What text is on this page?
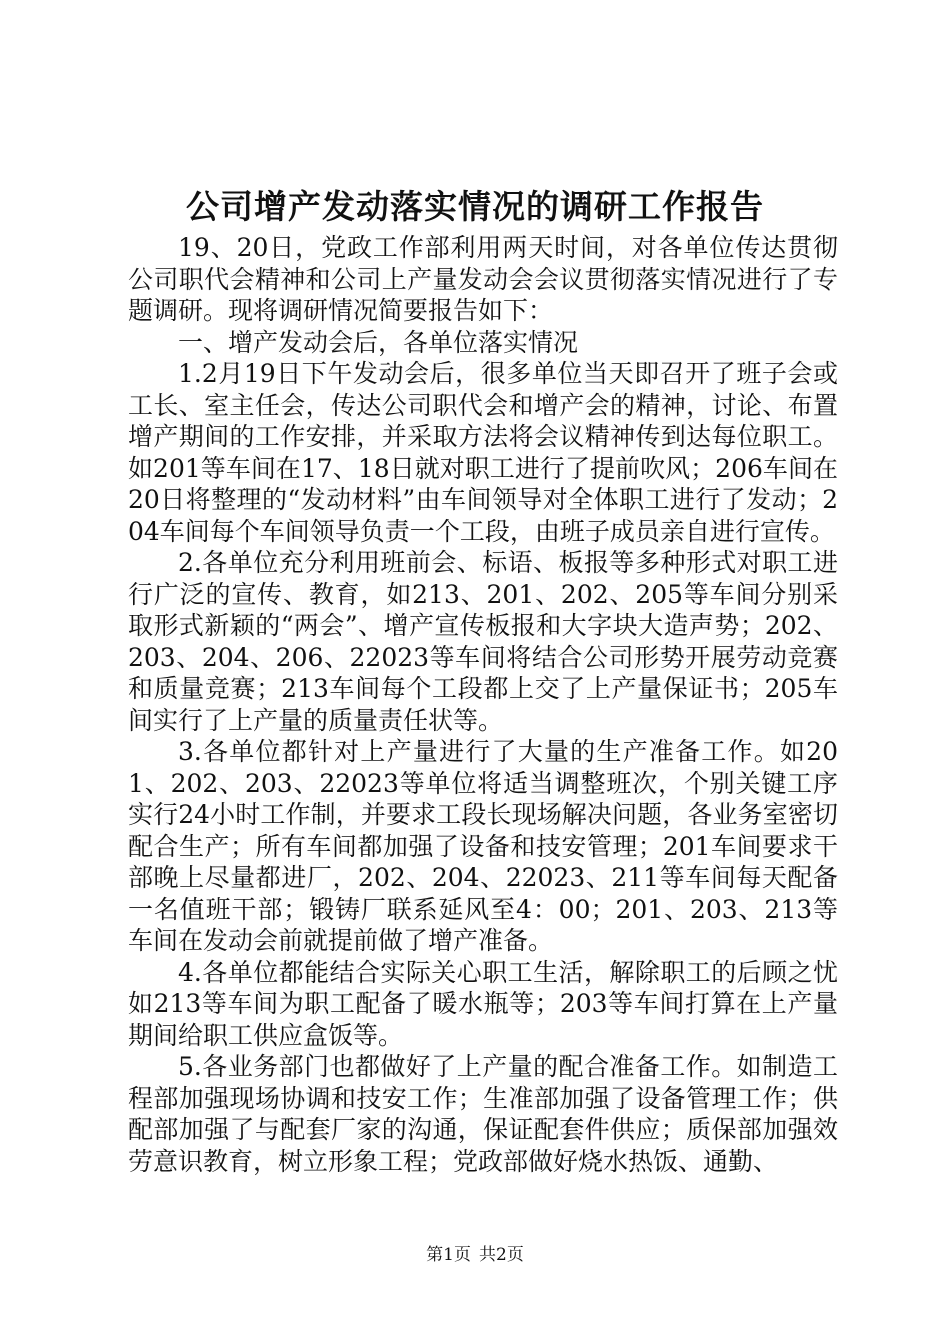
公司增产发动落实情况的调研工作报告

19、20日，党政工作部利用两天时间，对各单位传达贯彻公司职代会精神和公司上产量发动会会议贯彻落实情况进行了专题调研。现将调研情况简要报告如下：

一、增产发动会后，各单位落实情况

1.2月19日下午发动会后，很多单位当天即召开了班子会或工长、室主任会，传达公司职代会和增产会的精神，讨论、布置增产期间的工作安排，并采取方法将会议精神传到达每位职工。如201等车间在17、18日就对职工进行了提前吹风；206车间在20日将整理的“发动材料”由车间领导对全体职工进行了发动；204车间每个车间领导负责一个工段，由班子成员亲自进行宣传。

2.各单位充分利用班前会、标语、板报等多种形式对职工进行广泛的宣传、教育，如213、201、202、205等车间分别采取形式新颖的“两会”、增产宣传板报和大字块大造声势；202、203、204、206、22023等车间将结合公司形势开展劳动竞赛和质量竞赛；213车间每个工段都上交了上产量保证书；205车间实行了上产量的质量责任状等。

3.各单位都针对上产量进行了大量的生产准备工作。如201、202、203、22023等单位将适当调整班次，个别关键工序实行24小时工作制，并要求工段长现场解决问题，各业务室密切配合生产；所有车间都加强了设备和技安管理；201车间要求干部晚上尽量都进厂，202、204、22023、211等车间每天配备一名值班干部；锻铸厂联系延风至4：00；201、203、213等车间在发动会前就提前做了增产准备。

4.各单位都能结合实际关心职工生活，解除职工的后顾之忧如213等车间为职工配备了暖水瓶等；203等车间打算在上产量期间给职工供应盒饭等。

5.各业务部门也都做好了上产量的配合准备工作。如制造工程部加强现场协调和技安工作；生准部加强了设备管理工作；供配部加强了与配套厂家的沟通，保证配套件供应；质保部加强效劳意识教育，树立形象工程；党政部做好烧水热饭、通勤、

第1页 共2页
